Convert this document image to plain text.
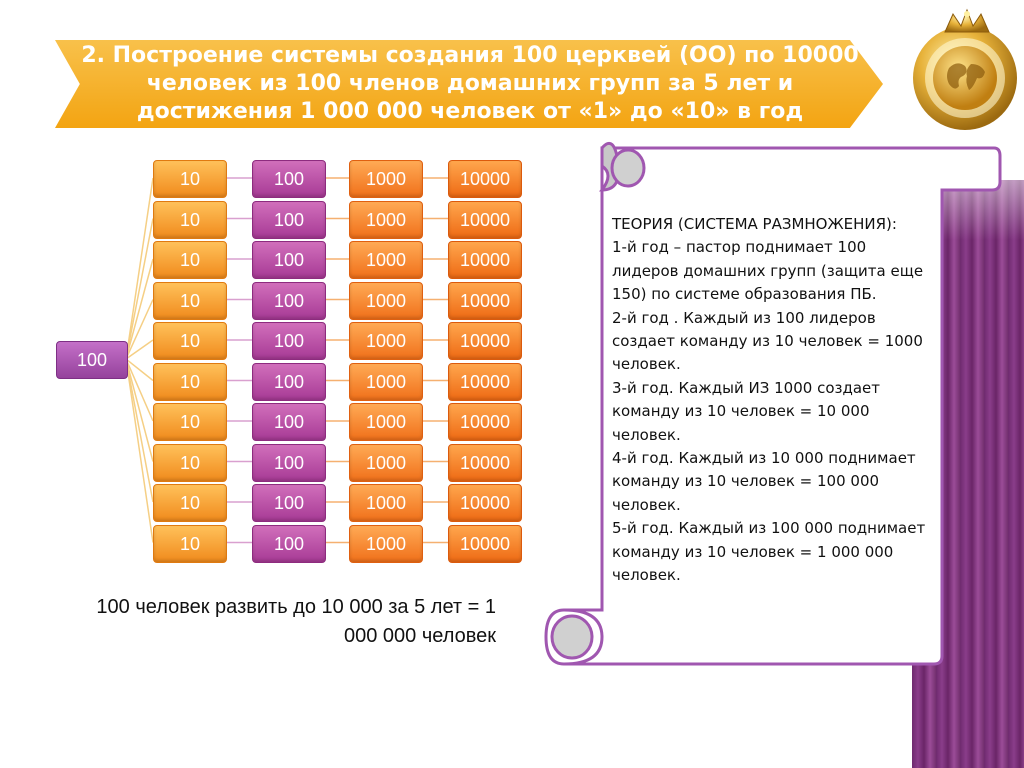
2. Построение системы создания 100 церквей (ОО) по 10000 человек из 100 членов домашних групп за 5 лет и достижения 1 000 000 человек от «1» до «10» в год
100
10	100	1000	10000
10	100	1000	10000
10	100	1000	10000
10	100	1000	10000
10	100	1000	10000
10	100	1000	10000
10	100	1000	10000
10	100	1000	10000
10	100	1000	10000
10	100	1000	10000
100 человек развить до 10 000 за 5 лет = 1 000 000 человек
ТЕОРИЯ (СИСТЕМА РАЗМНОЖЕНИЯ):
1-й год – пастор поднимает 100 лидеров домашних групп (защита еще 150) по системе образования ПБ.
2-й год . Каждый из 100 лидеров создает команду из 10 человек = 1000 человек.
3-й год. Каждый ИЗ 1000 создает команду из 10 человек = 10 000 человек.
4-й год. Каждый из 10 000 поднимает команду из 10 человек = 100 000 человек.
5-й год. Каждый из 100 000 поднимает команду из 10 человек = 1 000 000 человек.
